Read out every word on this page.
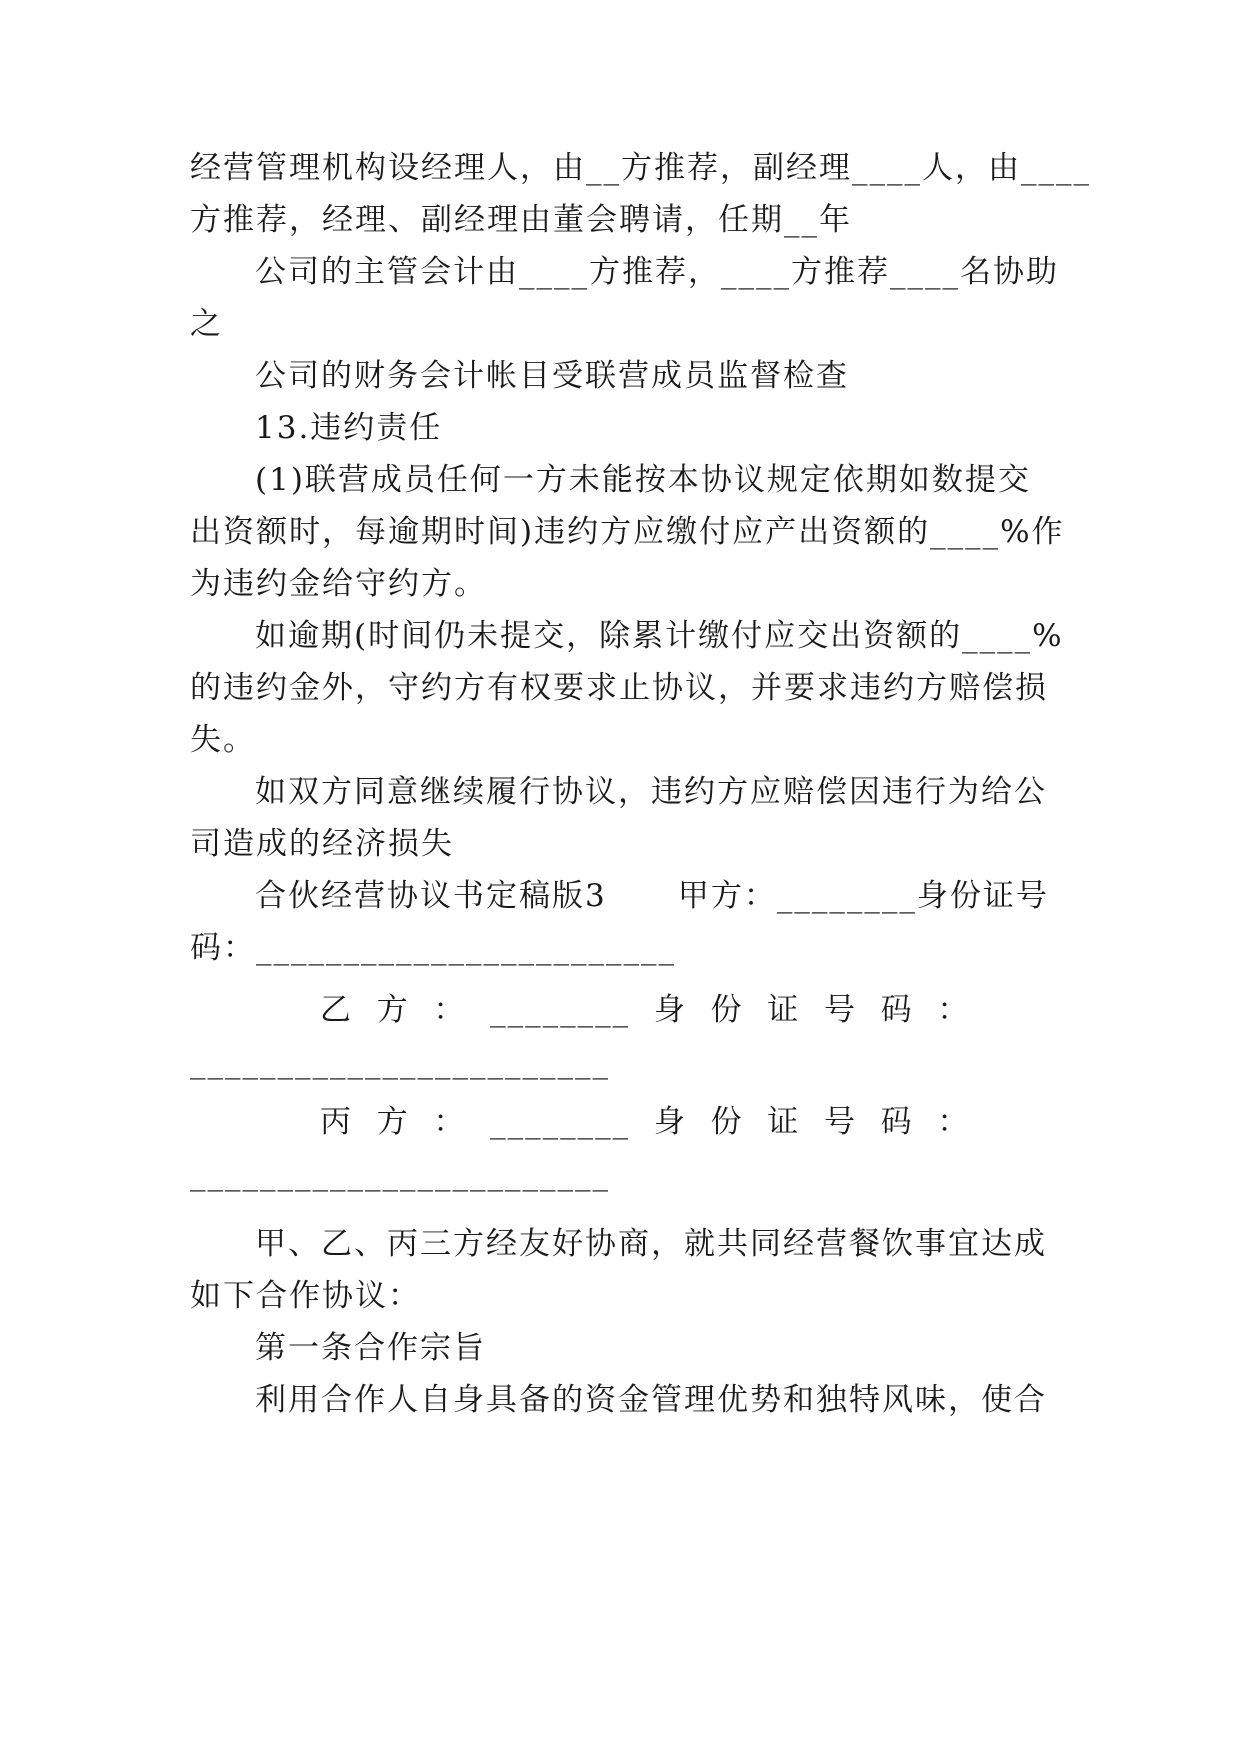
经营管理机构设经理人，由__方推荐，副经理____人，由____
方推荐，经理、副经理由董会聘请，任期__年
公司的主管会计由____方推荐，____方推荐____名协助
之
公司的财务会计帐目受联营成员监督检查
13.违约责任
(1)联营成员任何一方未能按本协议规定依期如数提交
出资额时，每逾期时间)违约方应缴付应产出资额的____%作
为违约金给守约方。
如逾期(时间仍未提交，除累计缴付应交出资额的____%
的违约金外，守约方有权要求止协议，并要求违约方赔偿损
失。
如双方同意继续履行协议，违约方应赔偿因违行为给公
司造成的经济损失
合伙经营协议书定稿版3      甲方：________身份证号
码：________________________
乙  方  ：  ________  身  份  证  号  码  ：
________________________
丙  方  ：  ________  身  份  证  号  码  ：
________________________
甲、乙、丙三方经友好协商，就共同经营餐饮事宜达成
如下合作协议：
第一条合作宗旨
利用合作人自身具备的资金管理优势和独特风味，使合
